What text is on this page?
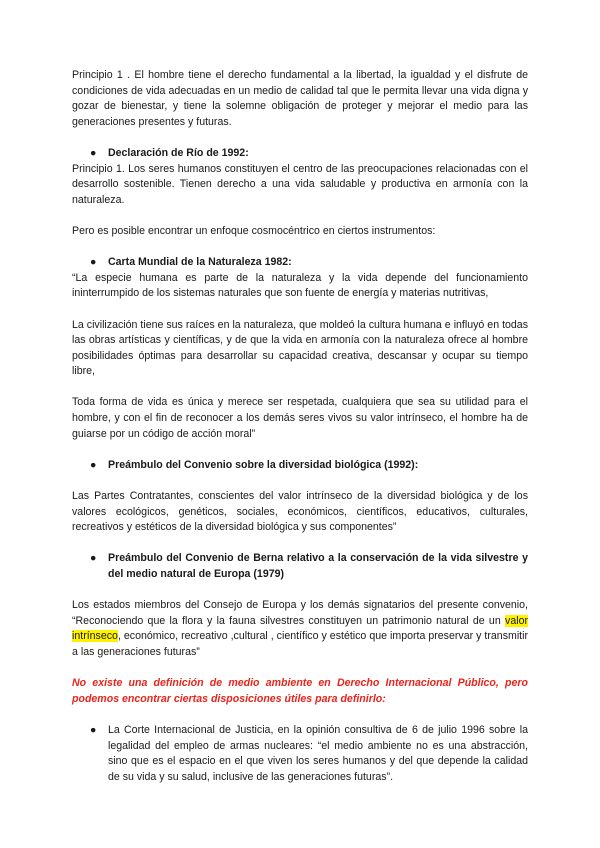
Principio 1 . El hombre tiene el derecho fundamental a la libertad, la igualdad y el disfrute de condiciones de vida adecuadas en un medio de calidad tal que le permita llevar una vida digna y gozar de bienestar, y tiene la solemne obligación de proteger y mejorar el medio para las generaciones presentes y futuras.

●	Declaración de Río de 1992:

Principio 1. Los seres humanos constituyen el centro de las preocupaciones relacionadas con el desarrollo sostenible. Tienen derecho a una vida saludable y productiva en armonía con la naturaleza.

Pero es posible encontrar un enfoque cosmocéntrico en ciertos instrumentos:

●	Carta Mundial de la Naturaleza 1982:

“La especie humana es parte de la naturaleza y la vida depende del funcionamiento ininterrumpido de los sistemas naturales que son fuente de energía y materias nutritivas,

La civilización tiene sus raíces en la naturaleza, que moldeó la cultura humana e influyó en todas las obras artísticas y científicas, y de que la vida en armonía con la naturaleza ofrece al hombre posibilidades óptimas para desarrollar su capacidad creativa, descansar y ocupar su tiempo libre,

Toda forma de vida es única y merece ser respetada, cualquiera que sea su utilidad para el hombre, y con el fin de reconocer a los demás seres vivos su valor intrínseco, el hombre ha de guiarse por un código de acción moral”

●	Preámbulo del Convenio sobre la diversidad biológica (1992):

Las Partes Contratantes, conscientes del valor intrínseco de la diversidad biológica y de los valores ecológicos, genéticos, sociales, económicos, científicos, educativos, culturales, recreativos y estéticos de la diversidad biológica y sus componentes”

●	Preámbulo del Convenio de Berna relativo a la conservación de la vida silvestre y del medio natural de Europa (1979)

Los estados miembros del Consejo de Europa y los demás signatarios del presente convenio, “Reconociendo que la flora y la fauna silvestres constituyen un patrimonio natural de un valor intrínseco, económico, recreativo ,cultural , científico y estético que importa preservar y transmitir a las generaciones futuras”

No existe una definición de medio ambiente en Derecho Internacional Público, pero podemos encontrar ciertas disposiciones útiles para definirlo:

●	La Corte Internacional de Justicia, en la opinión consultiva de 6 de julio 1996 sobre la legalidad del empleo de armas nucleares: “el medio ambiente no es una abstracción, sino que es el espacio en el que viven los seres humanos y del que depende la calidad de su vida y su salud, inclusive de las generaciones futuras”.
